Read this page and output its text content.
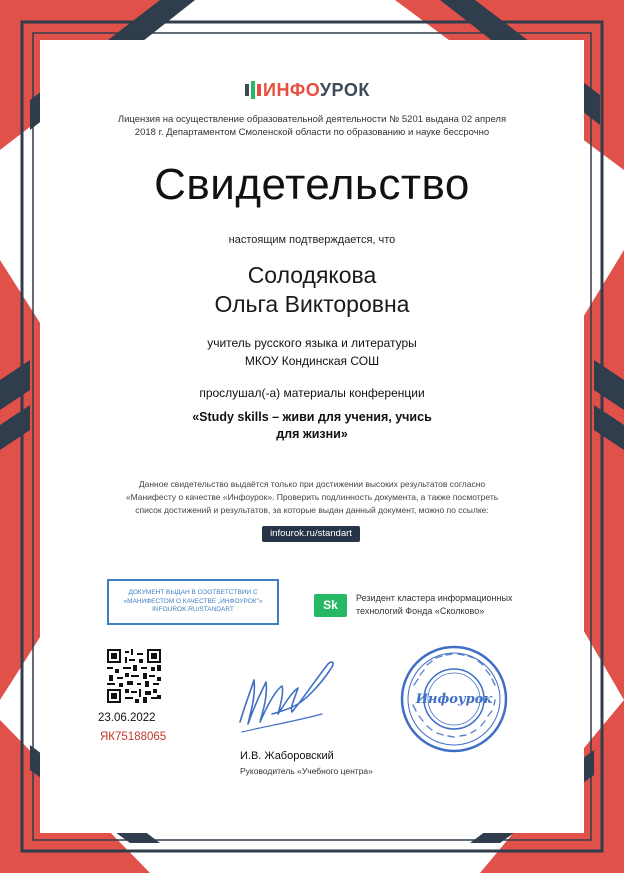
ИНФОУРОК
Лицензия на осуществление образовательной деятельности № 5201 выдана 02 апреля
2018 г. Департаментом Смоленской области по образованию и науке бессрочно
Свидетельство
настоящим подтверждается, что
Солодякова
Ольга Викторовна
учитель русского языка и литературы
МКОУ Кондинская СОШ
прослушал(-а) материалы конференции
«Study skills – живи для учения, учись
для жизни»
Данное свидетельство выдаётся только при достижении высоких результатов согласно
«Манифесту о качестве «Инфоурок». Проверить подлинность документа, а также посмотреть
список достижений и результатов, за которые выдан данный документ, можно по ссылке:
infourok.ru/standart
ДОКУМЕНТ ВЫДАН В СООТВЕТСТВИИ С
«МАНИФЕСТОМ О КАЧЕСТВЕ „ИНФОУРОК"»
INFOUROK.RU/STANDART	Sk	Резидент кластера информационных
технологий Фонда «Сколково»
23.06.2022
ЯК75188065
И.В. Жаборовский
Руководитель «Учебного центра»
Инфоурок
